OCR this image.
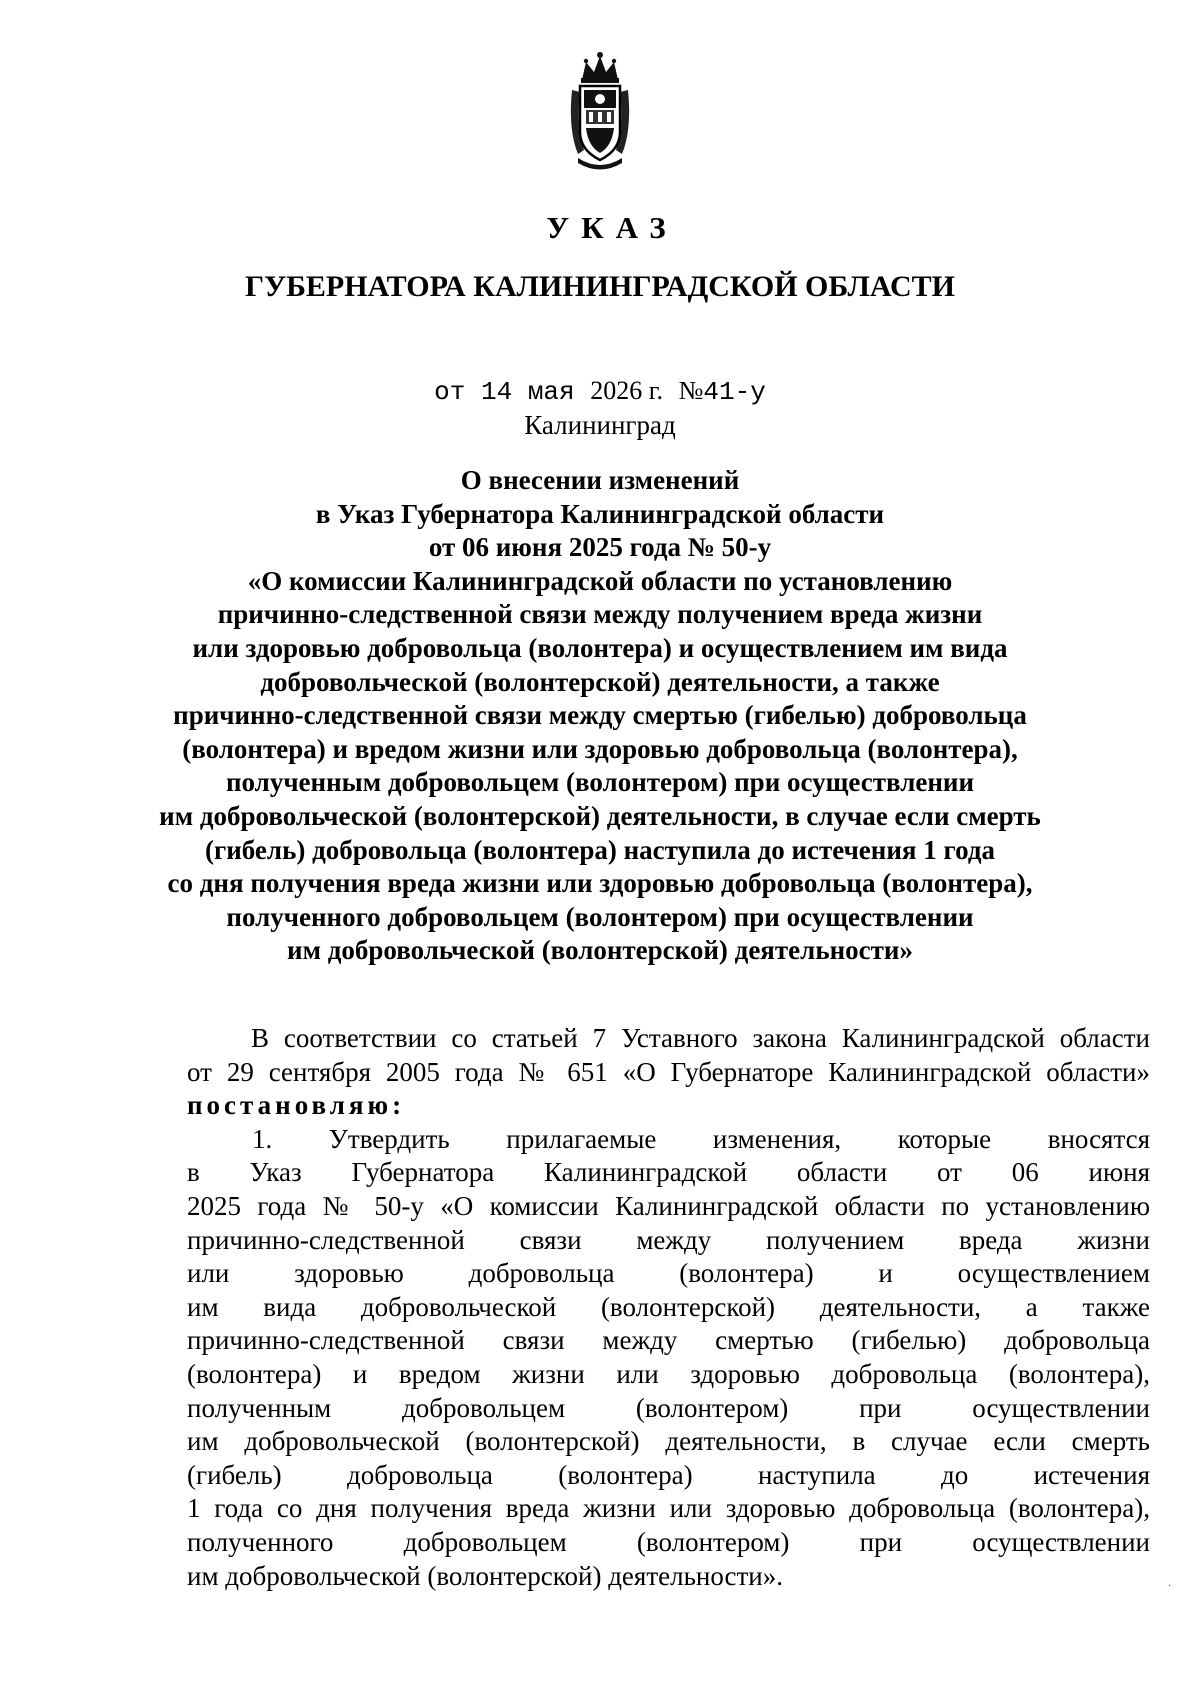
УКАЗ
ГУБЕРНАТОРА КАЛИНИНГРАДСКОЙ ОБЛАСТИ
от 14 мая 2026 г. №41-у
Калининград
О внесении изменений
в Указ Губернатора Калининградской области
от 06 июня 2025 года № 50-у
«О комиссии Калининградской области по установлению
причинно-следственной связи между получением вреда жизни
или здоровью добровольца (волонтера) и осуществлением им вида
добровольческой (волонтерской) деятельности, а также
причинно-следственной связи между смертью (гибелью) добровольца
(волонтера) и вредом жизни или здоровью добровольца (волонтера),
полученным добровольцем (волонтером) при осуществлении
им добровольческой (волонтерской) деятельности, в случае если смерть
(гибель) добровольца (волонтера) наступила до истечения 1 года
со дня получения вреда жизни или здоровью добровольца (волонтера),
полученного добровольцем (волонтером) при осуществлении
им добровольческой (волонтерской) деятельности»
В соответствии со статьей 7 Уставного закона Калининградской области
от 29 сентября 2005 года № 651 «О Губернаторе Калининградской области»
постановляю:
1. Утвердить прилагаемые изменения, которые вносятся
в Указ Губернатора Калининградской области от 06 июня
2025 года № 50-у «О комиссии Калининградской области по установлению
причинно-следственной связи между получением вреда жизни
или здоровью добровольца (волонтера) и осуществлением
им вида добровольческой (волонтерской) деятельности, а также
причинно-следственной связи между смертью (гибелью) добровольца
(волонтера) и вредом жизни или здоровью добровольца (волонтера),
полученным добровольцем (волонтером) при осуществлении
им добровольческой (волонтерской) деятельности, в случае если смерть
(гибель) добровольца (волонтера) наступила до истечения
1 года со дня получения вреда жизни или здоровью добровольца (волонтера),
полученного добровольцем (волонтером) при осуществлении
им добровольческой (волонтерской) деятельности».	.
